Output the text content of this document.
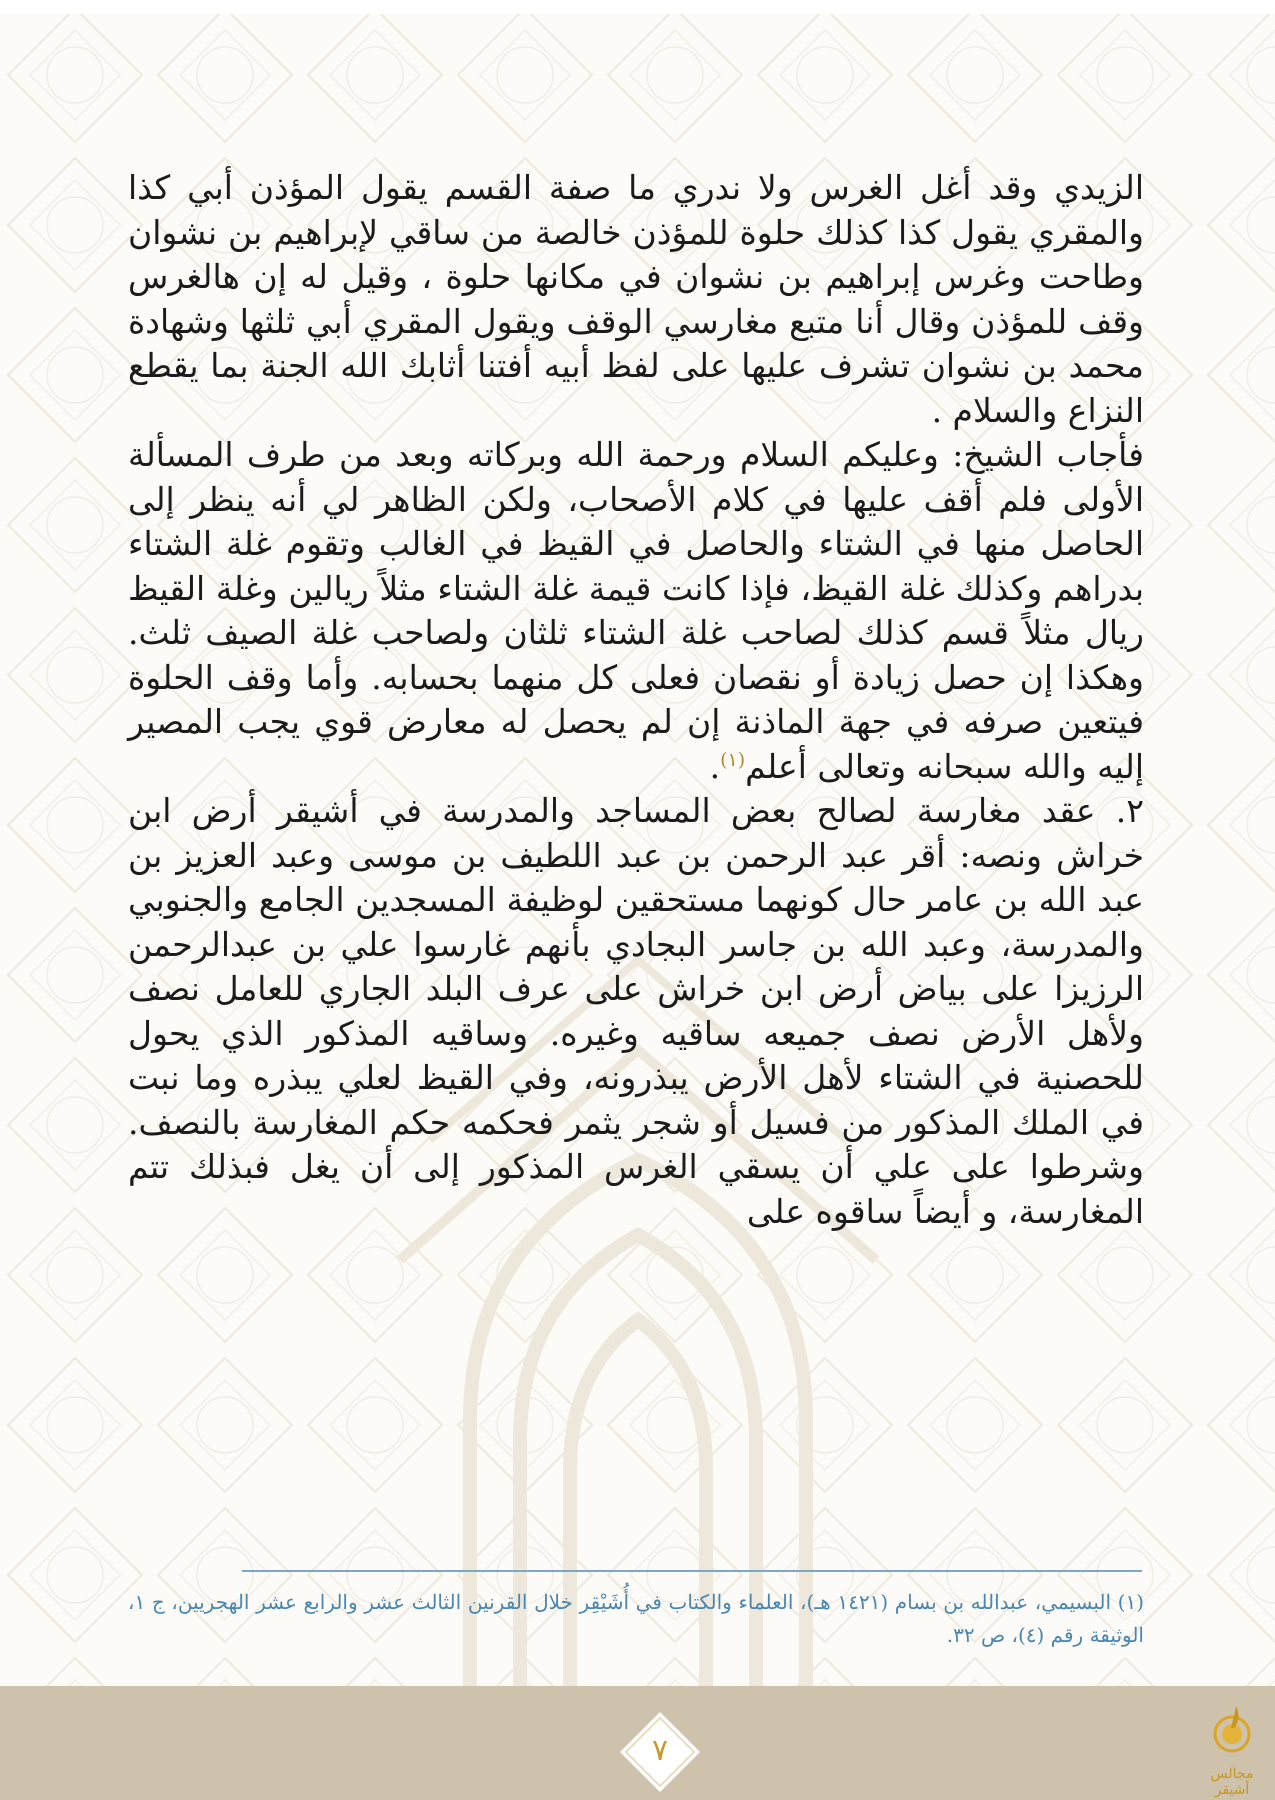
الزيدي وقد أغل الغرس ولا ندري ما صفة القسم يقول المؤذن أبي كذا والمقري يقول كذا كذلك حلوة للمؤذن خالصة من ساقي لإبراهيم بن نشوان وطاحت وغرس إبراهيم بن نشوان في مكانها حلوة ، وقيل له إن هالغرس وقف للمؤذن وقال أنا متبع مغارسي الوقف ويقول المقري أبي ثلثها وشهادة محمد بن نشوان تشرف عليها على لفظ أبيه أفتنا أثابك الله الجنة بما يقطع النزاع والسلام .

فأجاب الشيخ: وعليكم السلام ورحمة الله وبركاته وبعد من طرف المسألة الأولى فلم أقف عليها في كلام الأصحاب، ولكن الظاهر لي أنه ينظر إلى الحاصل منها في الشتاء والحاصل في القيظ في الغالب وتقوم غلة الشتاء بدراهم وكذلك غلة القيظ، فإذا كانت قيمة غلة الشتاء مثلاً ريالين وغلة القيظ ريال مثلاً قسم كذلك لصاحب غلة الشتاء ثلثان ولصاحب غلة الصيف ثلث. وهكذا إن حصل زيادة أو نقصان فعلى كل منهما بحسابه. وأما وقف الحلوة فيتعين صرفه في جهة الماذنة إن لم يحصل له معارض قوي يجب المصير إليه والله سبحانه وتعالى أعلم$^{(١)}$.

٢. عقد مغارسة لصالح بعض المساجد والمدرسة في أشيقر أرض ابن خراش ونصه: أقر عبد الرحمن بن عبد اللطيف بن موسى وعبد العزيز بن عبد الله بن عامر حال كونهما مستحقين لوظيفة المسجدين الجامع والجنوبي والمدرسة، وعبد الله بن جاسر البجادي بأنهم غارسوا علي بن عبدالرحمن الرزيزا على بياض أرض ابن خراش على عرف البلد الجاري للعامل نصف ولأهل الأرض نصف جميعه ساقيه وغيره. وساقيه المذكور الذي يحول للحصنية في الشتاء لأهل الأرض يبذرونه، وفي القيظ لعلي يبذره وما نبت في الملك المذكور من فسيل أو شجر يثمر فحكمه حكم المغارسة بالنصف. وشرطوا على علي أن يسقي الغرس المذكور إلى أن يغل فبذلك تتم المغارسة، و أيضاً ساقوه على

(١) البسيمي، عبدالله بن بسام (١٤٢١ هـ)، العلماء والكتاب في أُشَيْقِر خلال القرنين الثالث عشر والرابع عشر الهجريين، ج ١، الوثيقة رقم (٤)، ص ٣٢.
٧
مجالس أشيقر
